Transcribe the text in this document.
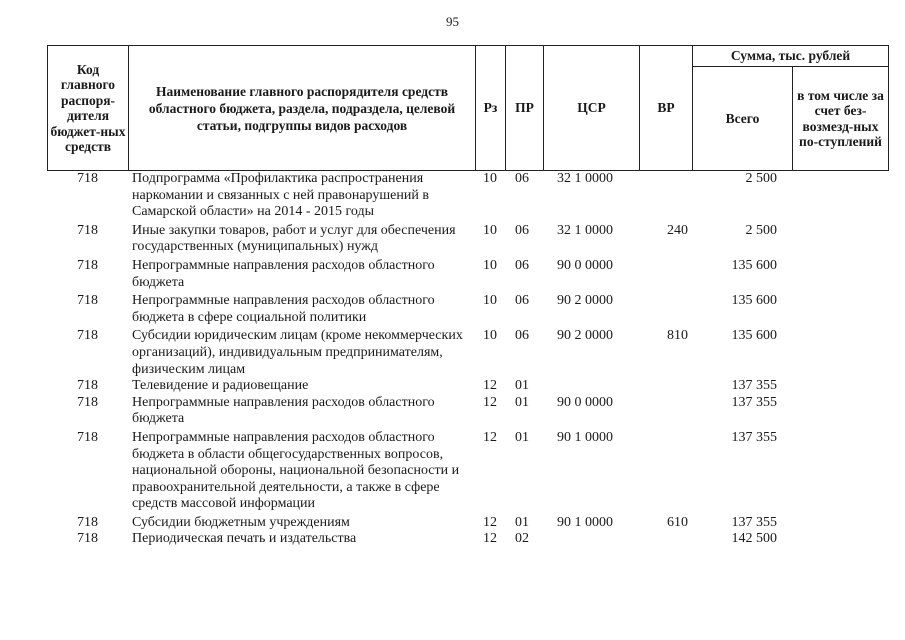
95
Код главного распоря-дителя бюджет-ных средств	Наименование главного распорядителя средств областного бюджета, раздела, подраздела, целевой статьи, подгруппы видов расходов	Рз	ПР	ЦСР	ВР	Сумма, тыс. рублей	
						Всего	в том числе за счет без-возмезд-ных по-ступлений
718	Подпрограмма «Профилактика распространения наркомании и связанных с ней правонарушений в Самарской области» на 2014 - 2015 годы	10	06	32 1 0000		2 500	
718	Иные закупки товаров, работ и услуг для обеспечения государственных (муниципальных) нужд	10	06	32 1 0000	240	2 500	
718	Непрограммные направления расходов областного бюджета	10	06	90 0 0000		135 600	
718	Непрограммные направления расходов областного бюджета в сфере социальной политики	10	06	90 2 0000		135 600	
718	Субсидии юридическим лицам (кроме некоммерческих организаций), индивидуальным предпринимателям, физическим лицам	10	06	90 2 0000	810	135 600	
718	Телевидение и радиовещание	12	01			137 355	
718	Непрограммные направления расходов областного бюджета	12	01	90 0 0000		137 355	
718	Непрограммные направления расходов областного бюджета в области общегосударственных вопросов, национальной обороны, национальной безопасности и правоохранительной деятельности, а также в сфере средств массовой информации	12	01	90 1 0000		137 355	
718	Субсидии бюджетным учреждениям	12	01	90 1 0000	610	137 355	
718	Периодическая печать и издательства	12	02			142 500	
